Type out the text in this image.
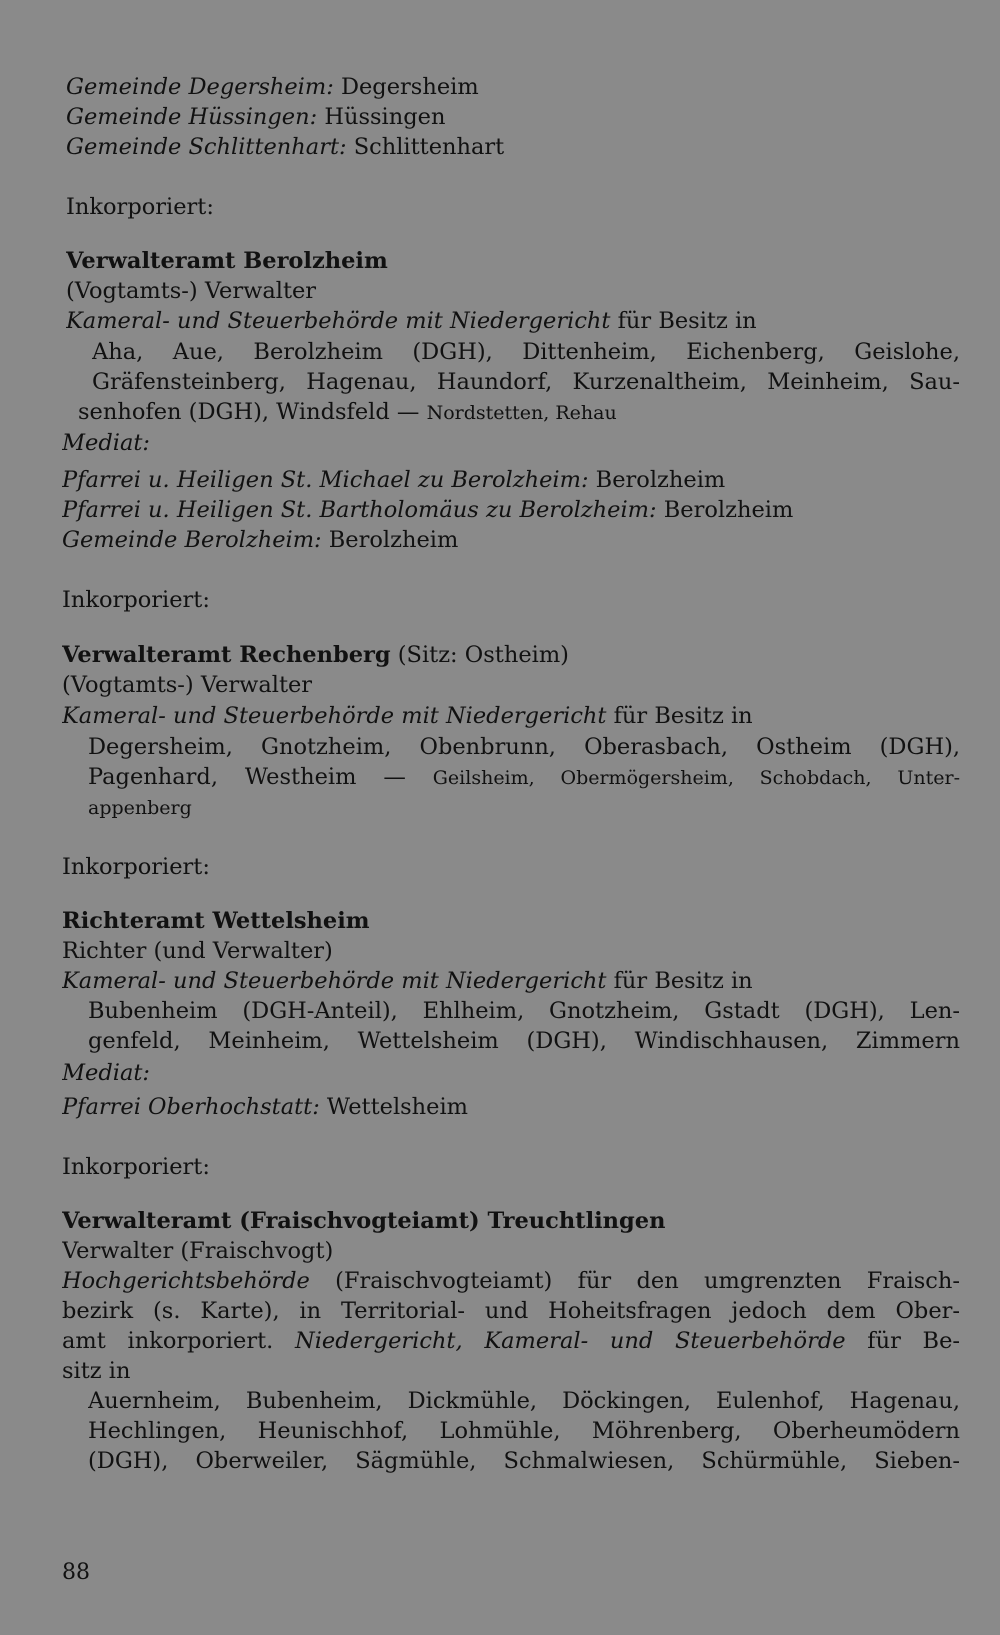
Gemeinde Degersheim: Degersheim
Gemeinde Hüssingen: Hüssingen
Gemeinde Schlittenhart: Schlittenhart
Inkorporiert:
Verwalteramt Berolzheim
(Vogtamts-) Verwalter
Kameral- und Steuerbehörde mit Niedergericht für Besitz in
Aha, Aue, Berolzheim (DGH), Dittenheim, Eichenberg, Geislohe,
Gräfensteinberg, Hagenau, Haundorf, Kurzenaltheim, Meinheim, Sau-
senhofen (DGH), Windsfeld — Nordstetten, Rehau
Mediat:
Pfarrei u. Heiligen St. Michael zu Berolzheim: Berolzheim
Pfarrei u. Heiligen St. Bartholomäus zu Berolzheim: Berolzheim
Gemeinde Berolzheim: Berolzheim
Inkorporiert:
Verwalteramt Rechenberg (Sitz: Ostheim)
(Vogtamts-) Verwalter
Kameral- und Steuerbehörde mit Niedergericht für Besitz in
Degersheim, Gnotzheim, Obenbrunn, Oberasbach, Ostheim (DGH),
Pagenhard, Westheim — Geilsheim, Obermögersheim, Schobdach, Unter-
appenberg
Inkorporiert:
Richteramt Wettelsheim
Richter (und Verwalter)
Kameral- und Steuerbehörde mit Niedergericht für Besitz in
Bubenheim (DGH-Anteil), Ehlheim, Gnotzheim, Gstadt (DGH), Len-
genfeld, Meinheim, Wettelsheim (DGH), Windischhausen, Zimmern
Mediat:
Pfarrei Oberhochstatt: Wettelsheim
Inkorporiert:
Verwalteramt (Fraischvogteiamt) Treuchtlingen
Verwalter (Fraischvogt)
Hochgerichtsbehörde (Fraischvogteiamt) für den umgrenzten Fraisch-
bezirk (s. Karte), in Territorial- und Hoheitsfragen jedoch dem Ober-
amt inkorporiert. Niedergericht, Kameral- und Steuerbehörde für Be-
sitz in
Auernheim, Bubenheim, Dickmühle, Döckingen, Eulenhof, Hagenau,
Hechlingen, Heunischhof, Lohmühle, Möhrenberg, Oberheumödern
(DGH), Oberweiler, Sägmühle, Schmalwiesen, Schürmühle, Sieben-
88
